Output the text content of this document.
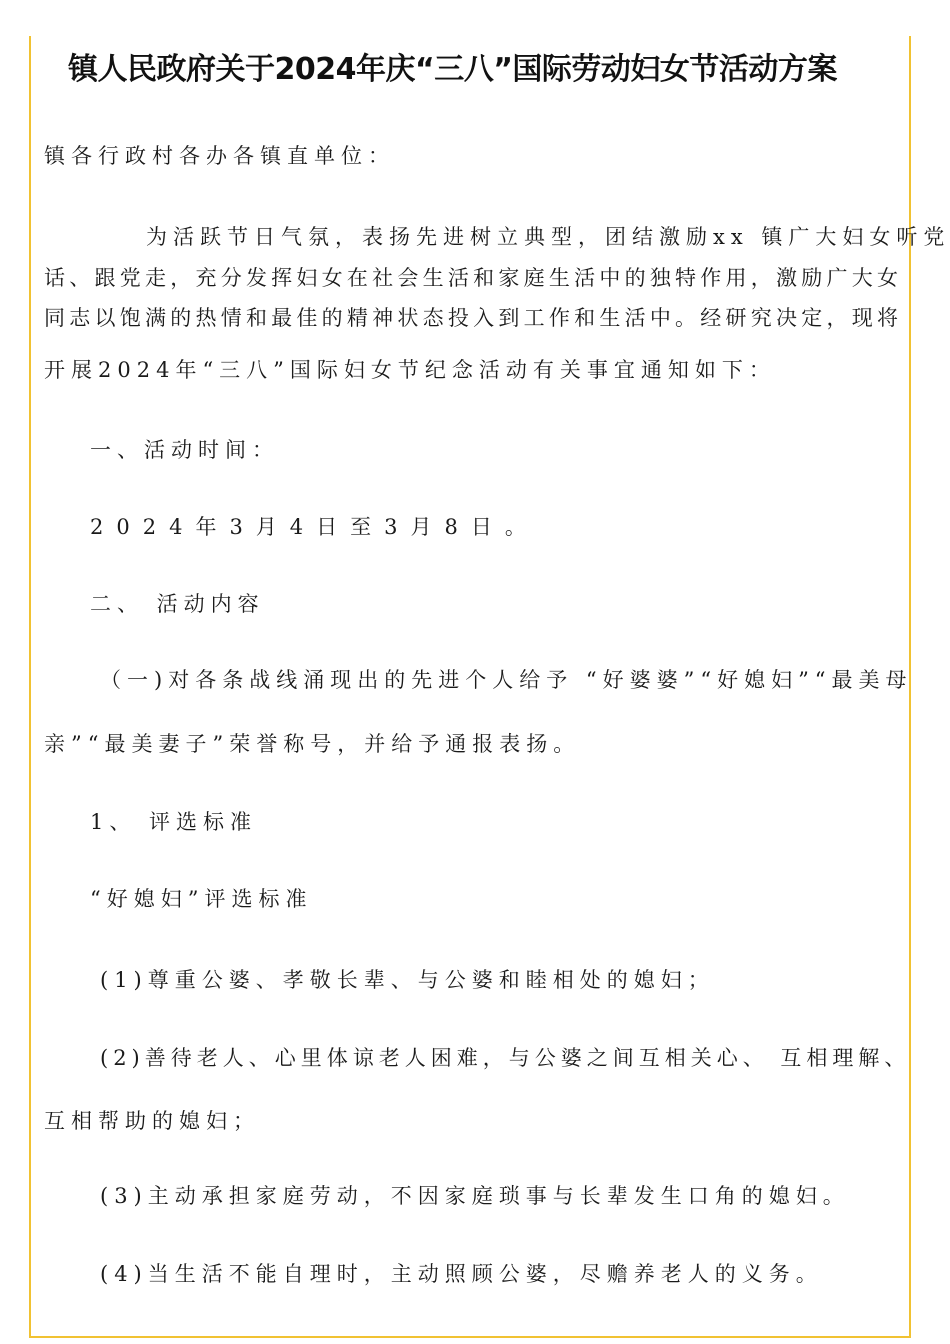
镇人民政府关于2024年庆“三八”国际劳动妇女节活动方案

镇各行政村各办各镇直单位：

为活跃节日气氛，表扬先进树立典型，团结激励xx 镇广大妇女听党

话、跟党走，充分发挥妇女在社会生活和家庭生活中的独特作用，激励广大女

同志以饱满的热情和最佳的精神状态投入到工作和生活中。经研究决定，现将

开展2024年“三八”国际妇女节纪念活动有关事宜通知如下：

一、活动时间：

2024年3月4日至3月8日。

二、 活动内容

（一)对各条战线涌现出的先进个人给予 “好婆婆”“好媳妇”“最美母

亲”“最美妻子”荣誉称号，并给予通报表扬。

1、 评选标准

“好媳妇”评选标准

(1)尊重公婆、孝敬长辈、与公婆和睦相处的媳妇；

(2)善待老人、心里体谅老人困难，与公婆之间互相关心、 互相理解、

互相帮助的媳妇；

(3)主动承担家庭劳动，不因家庭琐事与长辈发生口角的媳妇。

(4)当生活不能自理时，主动照顾公婆，尽赡养老人的义务。
